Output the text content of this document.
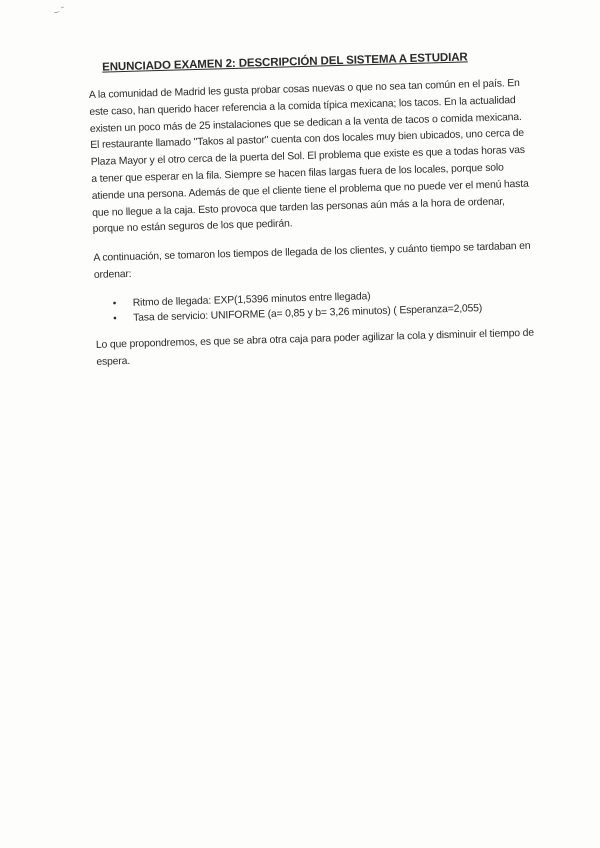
– ˆ
ENUNCIADO EXAMEN 2: DESCRIPCIÓN DEL SISTEMA A ESTUDIAR

A la comunidad de Madrid les gusta probar cosas nuevas o que no sea tan común en el país. En este caso, han querido hacer referencia a la comida típica mexicana; los tacos. En la actualidad existen un poco más de 25 instalaciones que se dedican a la venta de tacos o comida mexicana. El restaurante llamado "Takos al pastor" cuenta con dos locales muy bien ubicados, uno cerca de Plaza Mayor y el otro cerca de la puerta del Sol. El problema que existe es que a todas horas vas a tener que esperar en la fila. Siempre se hacen filas largas fuera de los locales, porque solo atiende una persona. Además de que el cliente tiene el problema que no puede ver el menú hasta que no llegue a la caja. Esto provoca que tarden las personas aún más a la hora de ordenar, porque no están seguros de los que pedirán.

A continuación, se tomaron los tiempos de llegada de los clientes, y cuánto tiempo se tardaban en ordenar:

• Ritmo de llegada: EXP(1,5396 minutos entre llegada)
• Tasa de servicio: UNIFORME (a= 0,85 y b= 3,26 minutos) ( Esperanza=2,055)

Lo que propondremos, es que se abra otra caja para poder agilizar la cola y disminuir el tiempo de espera.
